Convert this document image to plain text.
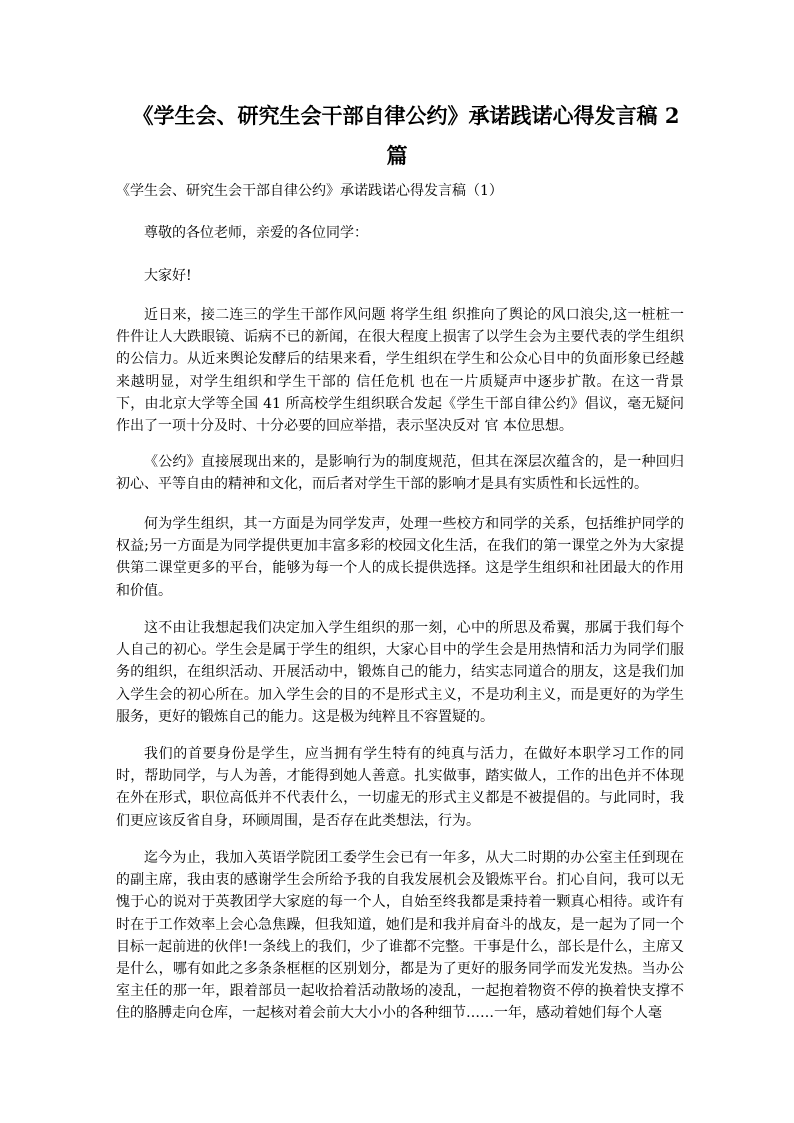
《学生会、研究生会干部自律公约》承诺践诺心得发言稿 2
篇

《学生会、研究生会干部自律公约》承诺践诺心得发言稿（1）

尊敬的各位老师，亲爱的各位同学：

大家好!

近日来，接二连三的学生干部作风问题 将学生组 织推向了舆论的风口浪尖,这一桩桩一件件让人大跌眼镜、诟病不已的新闻，在很大程度上损害了以学生会为主要代表的学生组织的公信力。从近来舆论发酵后的结果来看，学生组织在学生和公众心目中的负面形象已经越来越明显，对学生组织和学生干部的 信任危机 也在一片质疑声中逐步扩散。在这一背景下，由北京大学等全国 41 所高校学生组织联合发起《学生干部自律公约》倡议，毫无疑问作出了一项十分及时、十分必要的回应举措，表示坚决反对 官 本位思想。

《公约》直接展现出来的，是影响行为的制度规范，但其在深层次蕴含的，是一种回归初心、平等自由的精神和文化，而后者对学生干部的影响才是具有实质性和长远性的。

何为学生组织，其一方面是为同学发声，处理一些校方和同学的关系，包括维护同学的权益;另一方面是为同学提供更加丰富多彩的校园文化生活，在我们的第一课堂之外为大家提供第二课堂更多的平台，能够为每一个人的成长提供选择。这是学生组织和社团最大的作用和价值。

这不由让我想起我们决定加入学生组织的那一刻，心中的所思及希翼，那属于我们每个人自己的初心。学生会是属于学生的组织，大家心目中的学生会是用热情和活力为同学们服务的组织，在组织活动、开展活动中，锻炼自己的能力，结实志同道合的朋友，这是我们加入学生会的初心所在。加入学生会的目的不是形式主义，不是功利主义，而是更好的为学生服务，更好的锻炼自己的能力。这是极为纯粹且不容置疑的。

我们的首要身份是学生，应当拥有学生特有的纯真与活力，在做好本职学习工作的同时，帮助同学，与人为善，才能得到她人善意。扎实做事，踏实做人，工作的出色并不体现在外在形式，职位高低并不代表什么，一切虚无的形式主义都是不被提倡的。与此同时，我们更应该反省自身，环顾周围，是否存在此类想法，行为。

迄今为止，我加入英语学院团工委学生会已有一年多，从大二时期的办公室主任到现在的副主席，我由衷的感谢学生会所给予我的自我发展机会及锻炼平台。扪心自问，我可以无愧于心的说对于英教团学大家庭的每一个人，自始至终我都是秉持着一颗真心相待。或许有时在于工作效率上会心急焦躁，但我知道，她们是和我并肩奋斗的战友，是一起为了同一个目标一起前进的伙伴!一条线上的我们，少了谁都不完整。干事是什么，部长是什么，主席又是什么，哪有如此之多条条框框的区别划分，都是为了更好的服务同学而发光发热。当办公室主任的那一年，跟着部员一起收拾着活动散场的凌乱，一起抱着物资不停的换着快支撑不住的胳膊走向仓库，一起核对着会前大大小小的各种细节……一年，感动着她们每个人毫
